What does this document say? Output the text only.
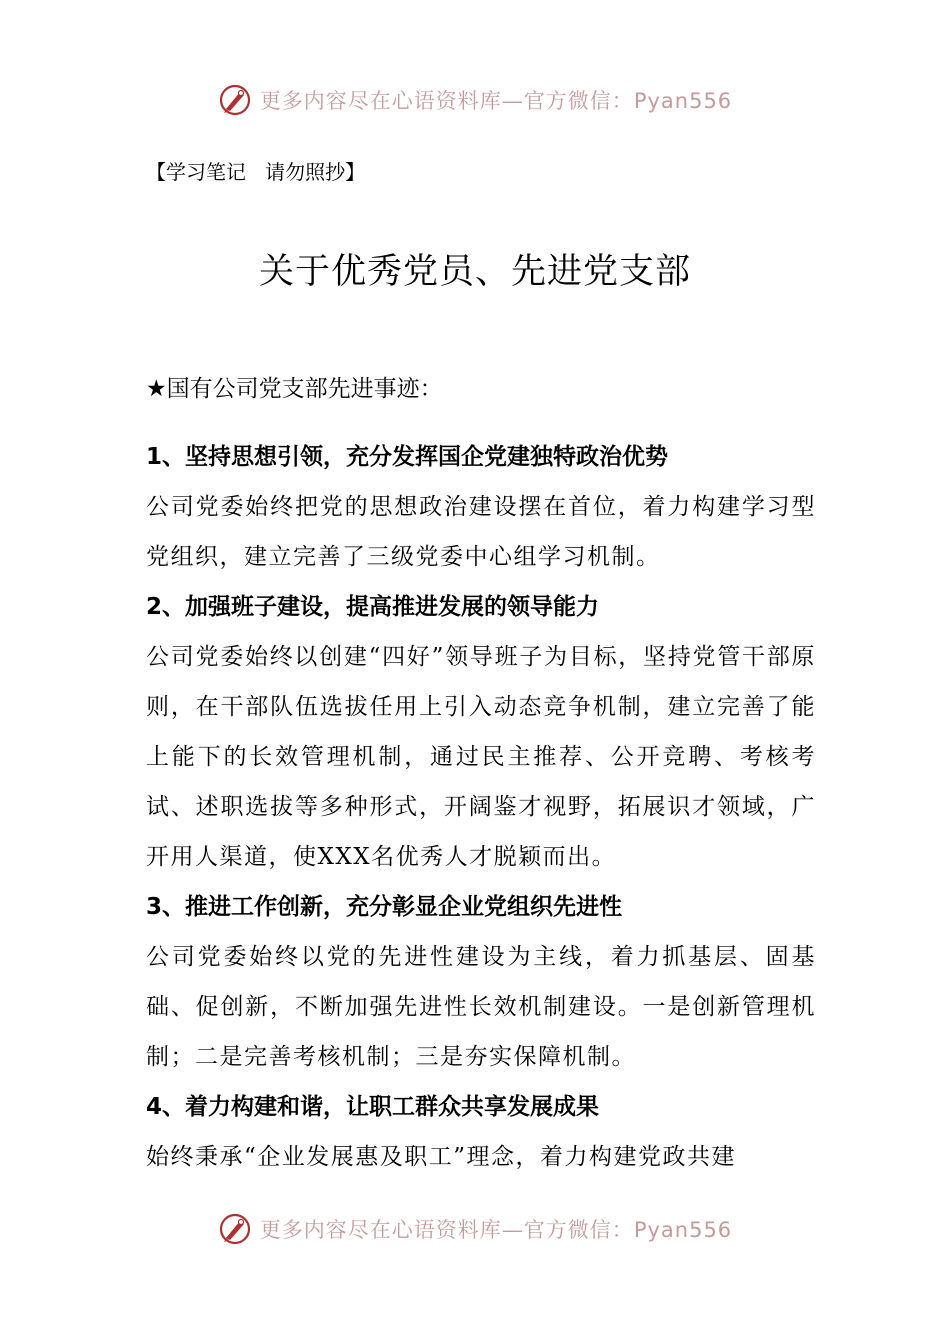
更多内容尽在心语资料库—官方微信：Pyan556
【学习笔记   请勿照抄】
关于优秀党员、先进党支部
★国有公司党支部先进事迹：
1、坚持思想引领，充分发挥国企党建独特政治优势
公司党委始终把党的思想政治建设摆在首位，着力构建学习型党组织，建立完善了三级党委中心组学习机制。
2、加强班子建设，提高推进发展的领导能力
公司党委始终以创建“四好”领导班子为目标，坚持党管干部原则，在干部队伍选拔任用上引入动态竞争机制，建立完善了能上能下的长效管理机制，通过民主推荐、公开竞聘、考核考试、述职选拔等多种形式，开阔鉴才视野，拓展识才领域，广开用人渠道，使XXX名优秀人才脱颖而出。
3、推进工作创新，充分彰显企业党组织先进性
公司党委始终以党的先进性建设为主线，着力抓基层、固基础、促创新，不断加强先进性长效机制建设。一是创新管理机制；二是完善考核机制；三是夯实保障机制。
4、着力构建和谐，让职工群众共享发展成果
始终秉承“企业发展惠及职工”理念，着力构建党政共建
更多内容尽在心语资料库—官方微信：Pyan556
